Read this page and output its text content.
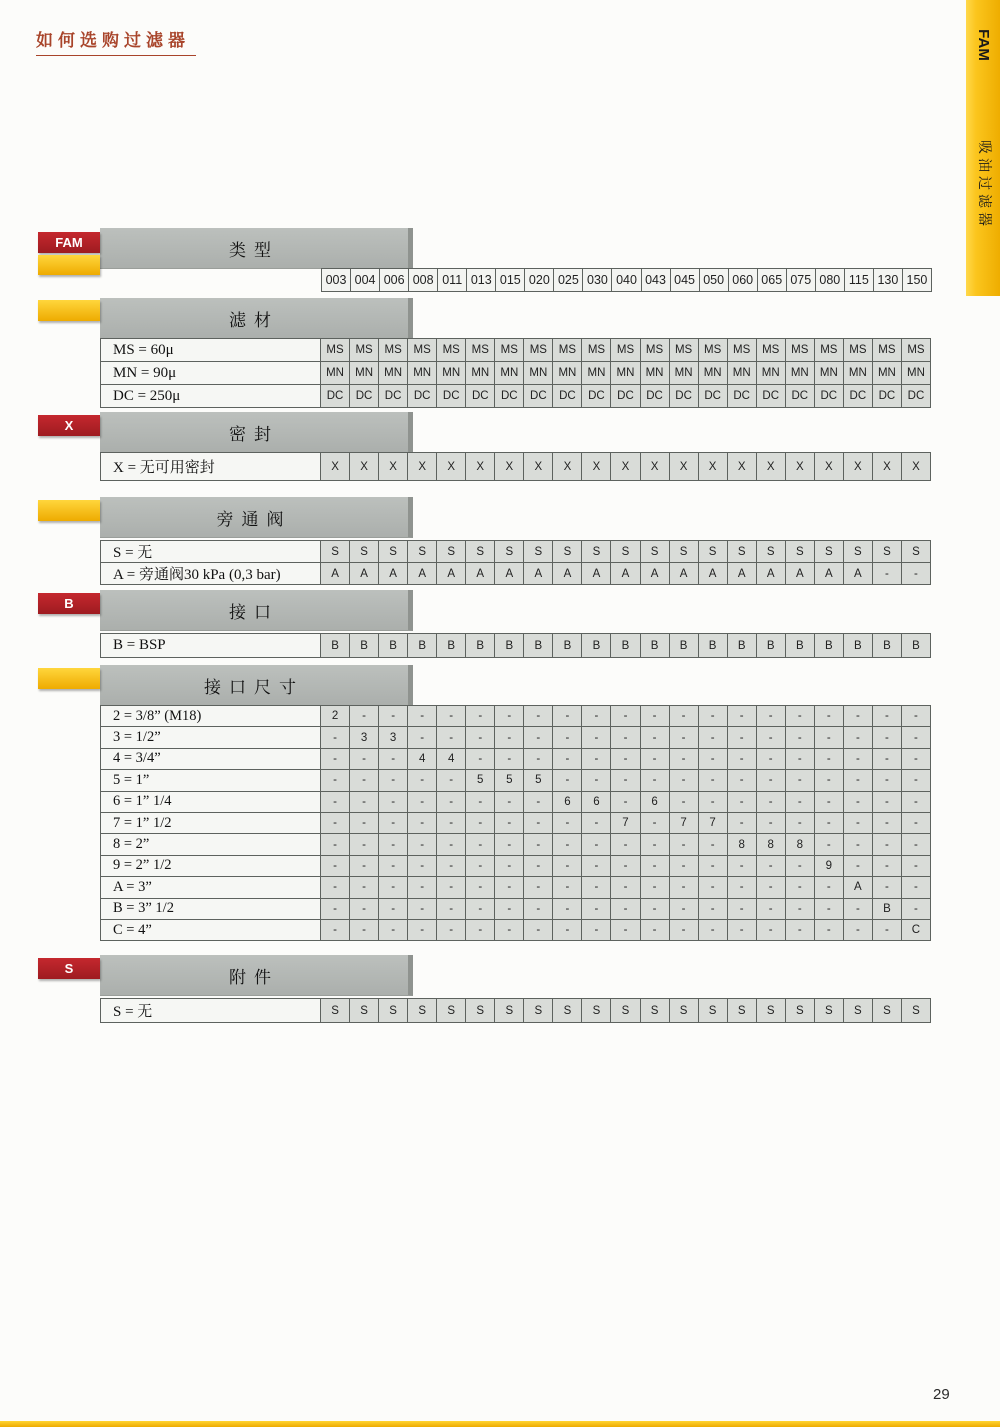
如何选购过滤器	FAM
吸油过滤器
类型
FAM
003 004 006 008 011 013 015 020 025 030 040 043 045 050 060 065 075 080 115 130 150
滤材
MS = 60μ	MS	MS	MS	MS	MS	MS	MS	MS	MS	MS	MS	MS	MS	MS	MS	MS	MS	MS	MS	MS	MS
MN = 90μ	MN MN MN MN MN MN MN MN MN MN MN MN MN MN MN MN MN MN MN MN MN
DC = 250μ	DC	DC	DC	DC	DC	DC	DC	DC	DC	DC	DC	DC	DC	DC	DC	DC	DC	DC	DC	DC	DC
密封
X
X = 无可用密封	X	X	X	X	X	X	X	X	X	X	X	X	X	X	X	X	X	X	X	X	X
旁通阀
S = 无	S	S	S	S	S	S	S	S	S	S	S	S	S	S	S	S	S	S	S	S	S
A = 旁通阀30 kPa (0,3 bar)	A	A	A	A	A	A	A	A	A	A	A	A	A	A	A	A	A	A	A	-	-
接口
B
B = BSP	B	B	B	B	B	B	B	B	B	B	B	B	B	B	B	B	B	B	B	B	B
接口尺寸
2 = 3/8” (M18)	2	-	-	-	-	-	-	-	-	-	-	-	-	-	-	-	-	-	-	-	-
3 = 1/2”	-	3	3	-	-	-	-	-	-	-	-	-	-	-	-	-	-	-	-	-	-
4 = 3/4”	-	-	-	4	4	-	-	-	-	-	-	-	-	-	-	-	-	-	-	-	-
5 = 1”	-	-	-	-	-	5	5	5	-	-	-	-	-	-	-	-	-	-	-	-	-
6 = 1” 1/4	-	-	-	-	-	-	-	-	6	6	-	6	-	-	-	-	-	-	-	-	-
7 = 1” 1/2	-	-	-	-	-	-	-	-	-	-	7	-	7	7	-	-	-	-	-	-	-
8 = 2”	-	-	-	-	-	-	-	-	-	-	-	-	-	-	8	8	8	-	-	-	-
9 = 2” 1/2	-	-	-	-	-	-	-	-	-	-	-	-	-	-	-	-	-	9	-	-	-
A = 3”	-	-	-	-	-	-	-	-	-	-	-	-	-	-	-	-	-	-	A	-	-
B = 3” 1/2	-	-	-	-	-	-	-	-	-	-	-	-	-	-	-	-	-	-	-	B	-
C = 4”	-	-	-	-	-	-	-	-	-	-	-	-	-	-	-	-	-	-	-	-	C
附件
S
S = 无	S	S	S	S	S	S	S	S	S	S	S	S	S	S	S	S	S	S	S	S	S
29
